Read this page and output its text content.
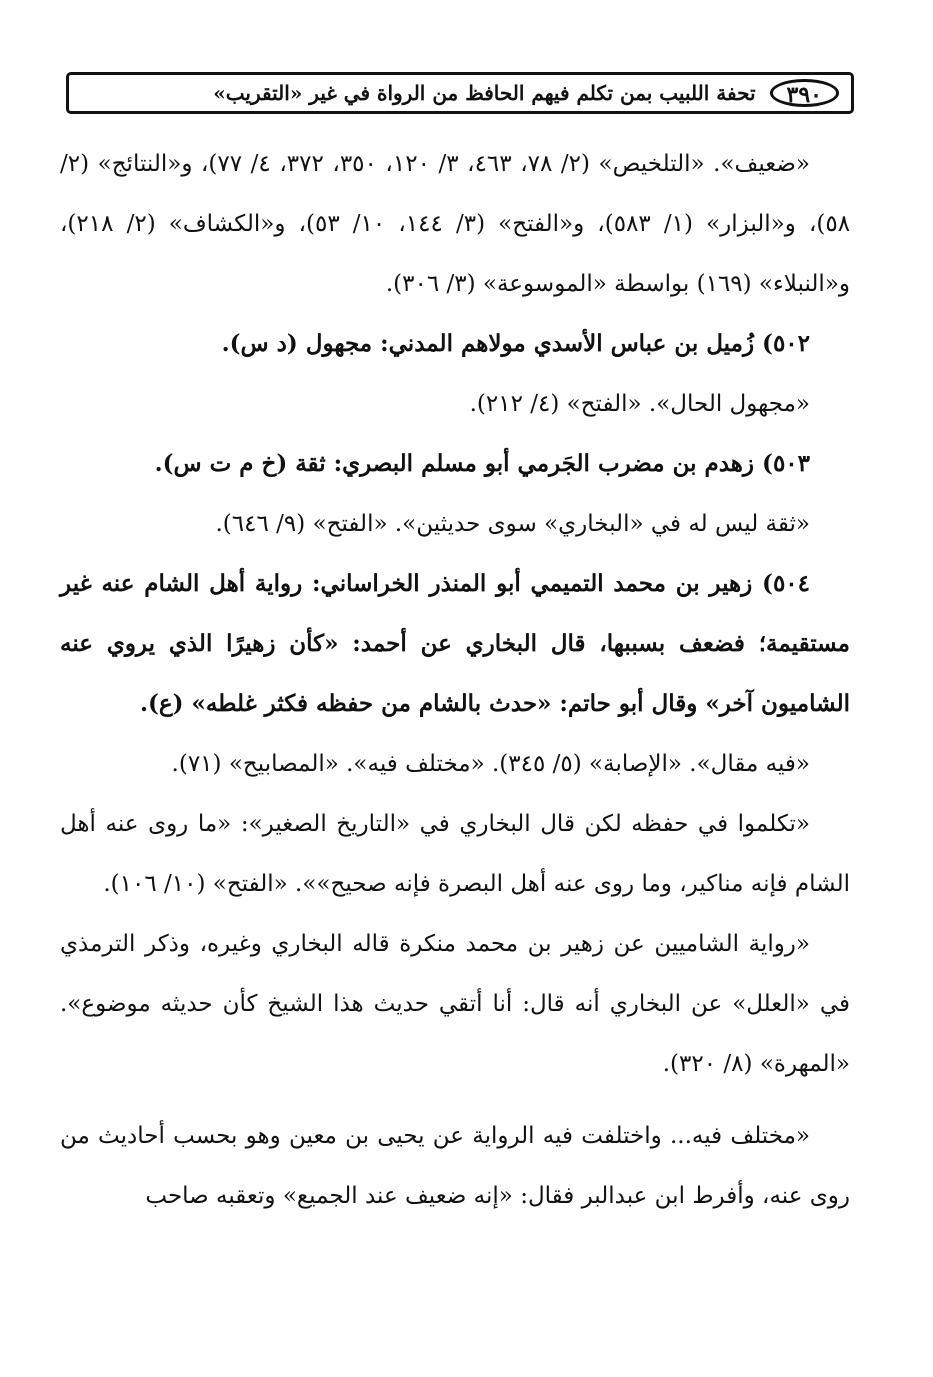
٣٩٠
تحفة اللبيب بمن تكلم فيهم الحافظ من الرواة في غير «التقريب»

«ضعيف». «التلخيص» (٢/ ٧٨، ٤٦٣، ٣/ ١٢٠، ٣٥٠، ٣٧٢، ٤/ ٧٧)، و«النتائج» (٢/ ٥٨)، و«البزار» (١/ ٥٨٣)، و«الفتح» (٣/ ١٤٤، ١٠/ ٥٣)، و«الكشاف» (٢/ ٢١٨)، و«النبلاء» (١٦٩) بواسطة «الموسوعة» (٣/ ٣٠٦).

٥٠٢) زُميل بن عباس الأسدي مولاهم المدني: مجهول (د س).

«مجهول الحال». «الفتح» (٤/ ٢١٢).

٥٠٣) زهدم بن مضرب الجَرمي أبو مسلم البصري: ثقة (خ م ت س).

«ثقة ليس له في «البخاري» سوى حديثين». «الفتح» (٩/ ٦٤٦).

٥٠٤) زهير بن محمد التميمي أبو المنذر الخراساني: رواية أهل الشام عنه غير مستقيمة؛ فضعف بسببها، قال البخاري عن أحمد: «كأن زهيرًا الذي يروي عنه الشاميون آخر» وقال أبو حاتم: «حدث بالشام من حفظه فكثر غلطه» (ع).

«فيه مقال». «الإصابة» (٥/ ٣٤٥). «مختلف فيه». «المصابيح» (٧١).

«تكلموا في حفظه لكن قال البخاري في «التاريخ الصغير»: «ما روى عنه أهل الشام فإنه مناكير، وما روى عنه أهل البصرة فإنه صحيح»». «الفتح» (١٠/ ١٠٦).

«رواية الشاميين عن زهير بن محمد منكرة قاله البخاري وغيره، وذكر الترمذي في «العلل» عن البخاري أنه قال: أنا أتقي حديث هذا الشيخ كأن حديثه موضوع». «المهرة» (٨/ ٣٢٠).

«مختلف فيه... واختلفت فيه الرواية عن يحيى بن معين وهو بحسب أحاديث من روى عنه، وأفرط ابن عبدالبر فقال: «إنه ضعيف عند الجميع» وتعقبه صاحب
